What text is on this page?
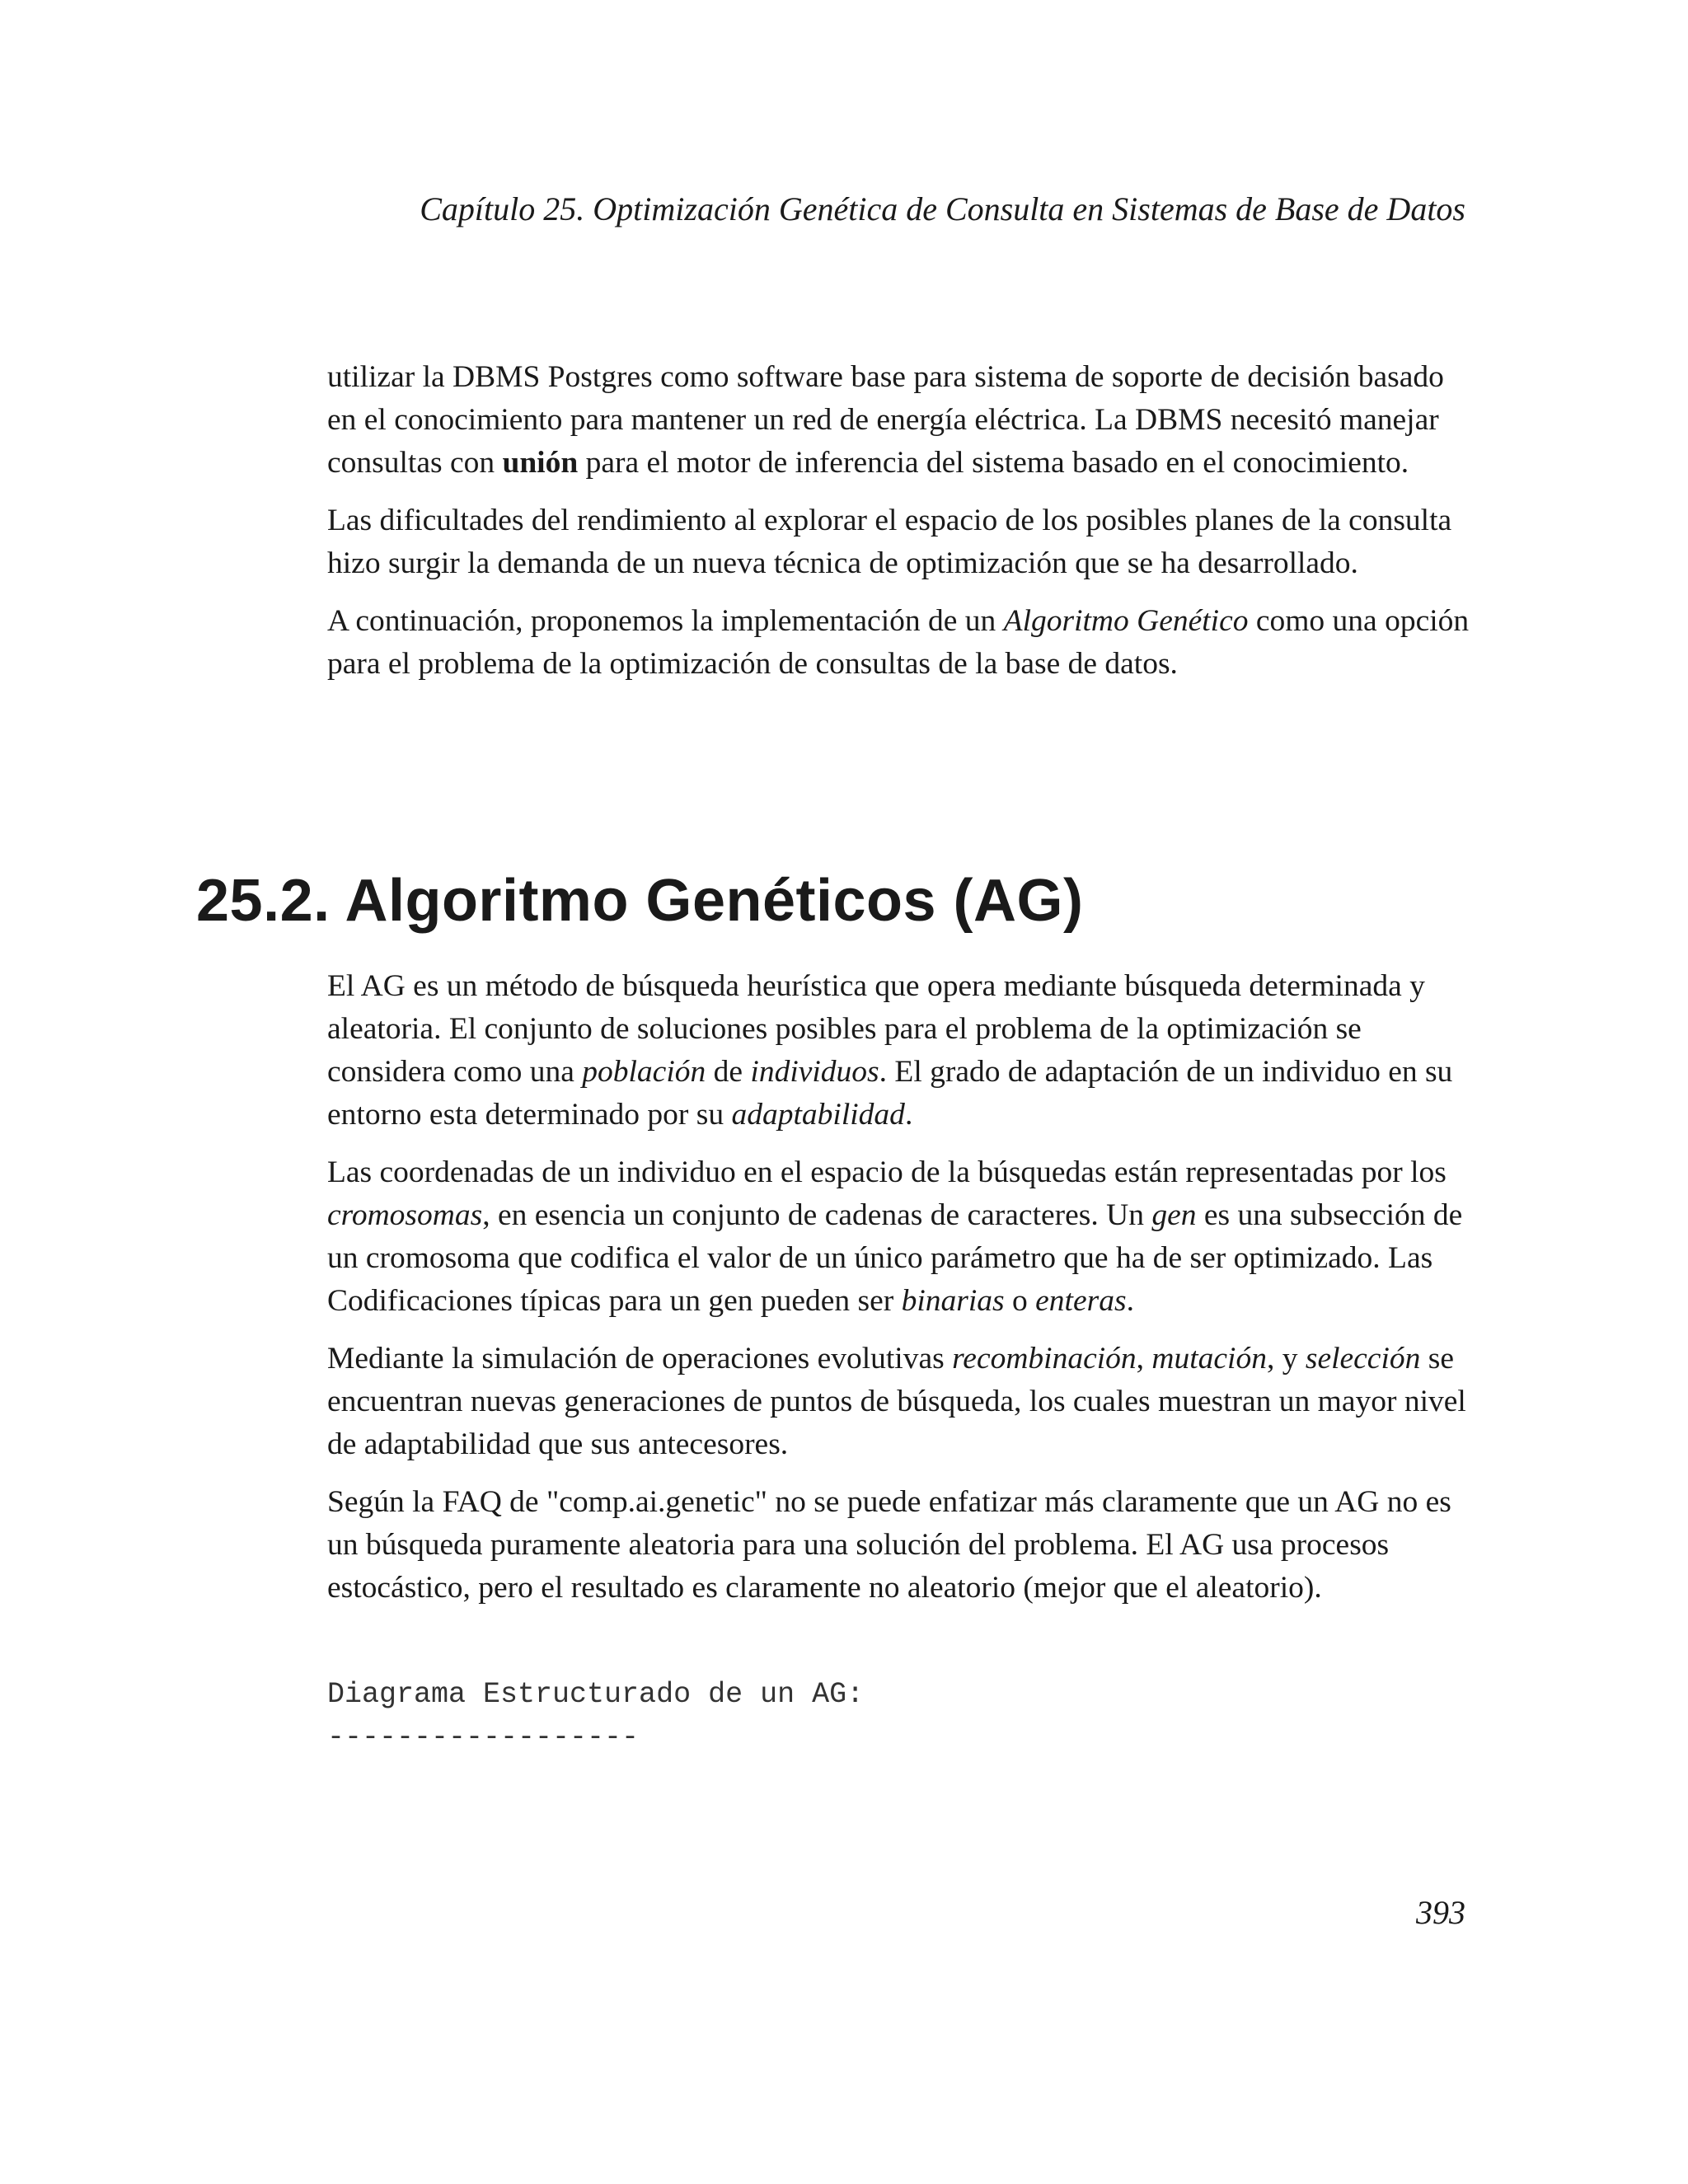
Capítulo 25. Optimización Genética de Consulta en Sistemas de Base de Datos

utilizar la DBMS Postgres como software base para sistema de soporte de decisión basado en el conocimiento para mantener un red de energía eléctrica. La DBMS necesitó manejar consultas con unión para el motor de inferencia del sistema basado en el conocimiento.

Las dificultades del rendimiento al explorar el espacio de los posibles planes de la consulta hizo surgir la demanda de un nueva técnica de optimización que se ha desarrollado.

A continuación, proponemos la implementación de un Algoritmo Genético como una opción para el problema de la optimización de consultas de la base de datos.

25.2. Algoritmo Genéticos (AG)

El AG es un método de búsqueda heurística que opera mediante búsqueda determinada y aleatoria. El conjunto de soluciones posibles para el problema de la optimización se considera como una población de individuos. El grado de adaptación de un individuo en su entorno esta determinado por su adaptabilidad.

Las coordenadas de un individuo en el espacio de la búsquedas están representadas por los cromosomas, en esencia un conjunto de cadenas de caracteres. Un gen es una subsección de un cromosoma que codifica el valor de un único parámetro que ha de ser optimizado. Las Codificaciones típicas para un gen pueden ser binarias o enteras.

Mediante la simulación de operaciones evolutivas recombinación, mutación, y selección se encuentran nuevas generaciones de puntos de búsqueda, los cuales muestran un mayor nivel de adaptabilidad que sus antecesores.

Según la FAQ de "comp.ai.genetic" no se puede enfatizar más claramente que un AG no es un búsqueda puramente aleatoria para una solución del problema. El AG usa procesos estocástico, pero el resultado es claramente no aleatorio (mejor que el aleatorio).

Diagrama Estructurado de un AG:
------------------
393
